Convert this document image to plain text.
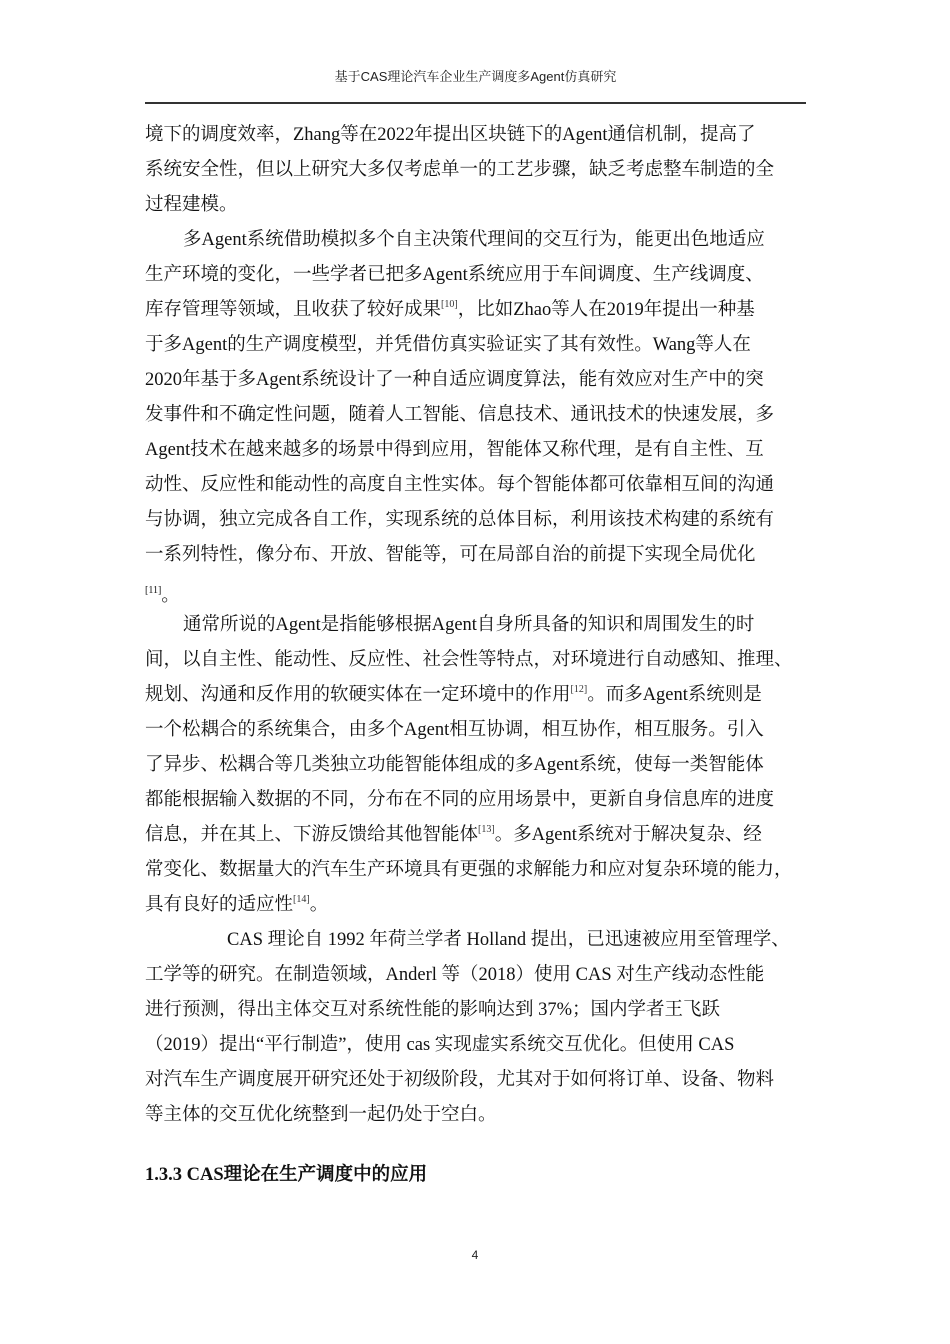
基于CAS理论汽车企业生产调度多Agent仿真研究
境下的调度效率，Zhang等在2022年提出区块链下的Agent通信机制，提高了
系统安全性，但以上研究大多仅考虑单一的工艺步骤，缺乏考虑整车制造的全
过程建模。
多Agent系统借助模拟多个自主决策代理间的交互行为，能更出色地适应
生产环境的变化，一些学者已把多Agent系统应用于车间调度、生产线调度、
库存管理等领域，且收获了较好成果[10]，比如Zhao等人在2019年提出一种基
于多Agent的生产调度模型，并凭借仿真实验证实了其有效性。Wang等人在
2020年基于多Agent系统设计了一种自适应调度算法，能有效应对生产中的突
发事件和不确定性问题，随着人工智能、信息技术、通讯技术的快速发展，多
Agent技术在越来越多的场景中得到应用，智能体又称代理，是有自主性、互
动性、反应性和能动性的高度自主性实体。每个智能体都可依靠相互间的沟通
与协调，独立完成各自工作，实现系统的总体目标，利用该技术构建的系统有
一系列特性，像分布、开放、智能等，可在局部自治的前提下实现全局优化
[11]。
通常所说的Agent是指能够根据Agent自身所具备的知识和周围发生的时
间，以自主性、能动性、反应性、社会性等特点，对环境进行自动感知、推理、
规划、沟通和反作用的软硬实体在一定环境中的作用[12]。而多Agent系统则是
一个松耦合的系统集合，由多个Agent相互协调，相互协作，相互服务。引入
了异步、松耦合等几类独立功能智能体组成的多Agent系统，使每一类智能体
都能根据输入数据的不同，分布在不同的应用场景中，更新自身信息库的进度
信息，并在其上、下游反馈给其他智能体[13]。多Agent系统对于解决复杂、经
常变化、数据量大的汽车生产环境具有更强的求解能力和应对复杂环境的能力，
具有良好的适应性[14]。
CAS 理论自 1992 年荷兰学者 Holland 提出，已迅速被应用至管理学、
工学等的研究。在制造领域，Anderl 等（2018）使用 CAS 对生产线动态性能
进行预测，得出主体交互对系统性能的影响达到 37%；国内学者王飞跃
（2019）提出“平行制造”，使用 cas 实现虚实系统交互优化。但使用 CAS
对汽车生产调度展开研究还处于初级阶段，尤其对于如何将订单、设备、物料
等主体的交互优化统整到一起仍处于空白。
1.3.3 CAS理论在生产调度中的应用
4
